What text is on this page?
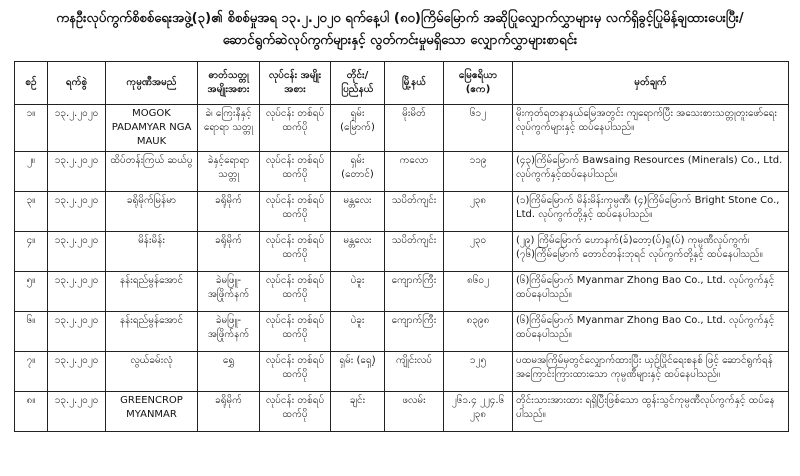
ကနဦးလုပ်ကွက်စိစစ်ရေးအဖွဲ့(၃)၏ စိစစ်မှုအရ ၁၃.၂.၂၀၂၀ ရက်နေ့ပါ (၈၀)ကြိမ်မြောက် အဆိုပြုလျှောက်လွှာများမှ လက်ရှိခွင့်ပြုမိန့်ချထားပေးပြီး/
ဆောင်ရွက်ဆဲလုပ်ကွက်များနှင့် လွတ်ကင်းမှုမရှိသော လျှောက်လွှာများစာရင်း
စဉ်	ရက်စွဲ	ကုမ္ပဏီအမည်	ဓာတ်သတ္တု အမျိုးအစား	လုပ်ငန်း အမျိုးအစား	တိုင်း/ ပြည်နယ်	မြို့နယ်	မြေဧရိယာ (ဧက)	မှတ်ချက်
၁။	၁၃.၂.၂၀၂၀	MOGOK PADAMYAR NGA MAUK	ခဲ၊ ကြေးနီနှင့် ရောရာ သတ္တု	လုပ်ငန်း တစ်ရပ်ထက်ပို	ရှမ်း (မြောက်)	မိုးမိတ်	၆၁၂	မိုးကုတ်ရတနာနယ်မြေအတွင်း ကျရောက်ပြီး အသေးစားသတ္တုတူးဖော်ရေးလုပ်ကွက်များနှင့် ထပ်နေပါသည်။
၂။	၁၃.၂.၂၀၂၀	ထိပ်တန်းကြယ် ဆယ်ပွ	ခဲနှင့်ရောရာ သတ္တု	လုပ်ငန်း တစ်ရပ်ထက်ပို	ရှမ်း (တောင်)	ကလော	၁၁၉	(၄၃)ကြိမ်မြောက် Bawsaing Resources (Minerals) Co., Ltd. လုပ်ကွက်နှင့်ထပ်နေပါသည်။
၃။	၁၃.၂.၂၀၂၀	ခရိုမိုက်မြန်မာ	ခရိုမိုက်	လုပ်ငန်း တစ်ရပ်ထက်ပို	မန္တလေး	သပိတ်ကျင်း	၂၃၈	(၁)ကြိမ်မြောက် မိန်းမိန်းကုမ္ပဏီ၊ (၄)ကြိမ်မြောက် Bright Stone Co., Ltd. လုပ်ကွက်တို့နှင့် ထပ်နေပါသည်။
၄။	၁၃.၂.၂၀၂၀	မိန်းမိန်း	ခရိုမိုက်	လုပ်ငန်း တစ်ရပ်ထက်ပို	မန္တလေး	သပိတ်ကျင်း	၂၃၀	(၂၉) ကြိမ်မြောက် ဟောနက်(ခ်)တော့(ပ်)ရှ(ပ်) ကုမ္ပဏီလုပ်ကွက်၊ (၇၆)ကြိမ်မြောက် တောင်တန်းဘုရင် လုပ်ကွက်တို့နှင့် ထပ်နေပါသည်။
၅။	၁၃.၂.၂၀၂၀	နန်းရည်မွန်အောင်	ခဲမဖြူ- အဖြိုက်နက်	လုပ်ငန်း တစ်ရပ်ထက်ပို	ပဲခူး	ကျောက်ကြီး	၈၆၀၂	(၆)ကြိမ်မြောက် Myanmar Zhong Bao Co., Ltd. လုပ်ကွက်နှင့် ထပ်နေပါသည်။
၆။	၁၃.၂.၂၀၂၀	နန်းရည်မွန်အောင်	ခဲမဖြူ- အဖြိုက်နက်	လုပ်ငန်း တစ်ရပ်ထက်ပို	ပဲခူး	ကျောက်ကြီး	၈၃၉၈	(၆)ကြိမ်မြောက် Myanmar Zhong Bao Co., Ltd. လုပ်ကွက်နှင့် ထပ်နေပါသည်။
၇။	၁၃.၂.၂၀၂၀	လွယ်ခမ်းလုံ	ရွှေ	လုပ်ငန်း တစ်ရပ်ထက်ပို	ရှမ်း (ရှေ့)	ကျိုင်းလပ်	၁၂၅	ပထမအကြိမ်မှတွင်လျှောက်ထားပြီး ယှဉ်ပြိုင်ရေးစနစ် ဖြင့် ဆောင်ရွက်ရန်အကြောင်းကြားထားသော ကုမ္ပဏီများနှင့် ထပ်နေပါသည်။
၈။	၁၃.၂.၂၀၂၀	GREENCROP MYANMAR	ခရိုမိုက်	လုပ်ငန်း တစ်ရပ်ထက်ပို	ချင်း	ဖလမ်း	၂၆၁.၄ ၂၂၄.၆ ၂၃၈	တိုင်းသားအားထား ရရှိပြီးဖြစ်သော ထွန်းသွင်ကုမ္ပဏီလုပ်ကွက်နှင့် ထပ်နေပါသည်။
